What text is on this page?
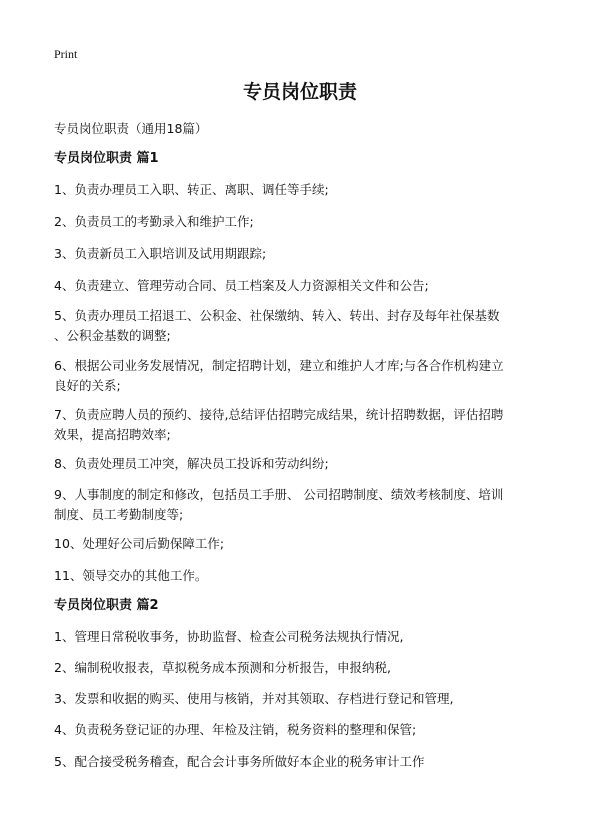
Print
专员岗位职责
专员岗位职责（通用18篇）
专员岗位职责 篇1
1、负责办理员工入职、转正、离职、调任等手续;
2、负责员工的考勤录入和维护工作;
3、负责新员工入职培训及试用期跟踪;
4、负责建立、管理劳动合同、员工档案及人力资源相关文件和公告;
5、负责办理员工招退工、公积金、社保缴纳、转入、转出、封存及每年社保基数
、公积金基数的调整;
6、根据公司业务发展情况，制定招聘计划，建立和维护人才库;与各合作机构建立
良好的关系;
7、负责应聘人员的预约、接待,总结评估招聘完成结果，统计招聘数据，评估招聘
效果，提高招聘效率;
8、负责处理员工冲突，解决员工投诉和劳动纠纷;
9、人事制度的制定和修改，包括员工手册、 公司招聘制度、绩效考核制度、培训
制度、员工考勤制度等;
10、处理好公司后勤保障工作;
11、领导交办的其他工作。
专员岗位职责 篇2
1、管理日常税收事务，协助监督、检查公司税务法规执行情况,
2、编制税收报表，草拟税务成本预测和分析报告，申报纳税,
3、发票和收据的购买、使用与核销，并对其领取、存档进行登记和管理,
4、负责税务登记证的办理、年检及注销，税务资料的整理和保管;
5、配合接受税务稽查，配合会计事务所做好本企业的税务审计工作
